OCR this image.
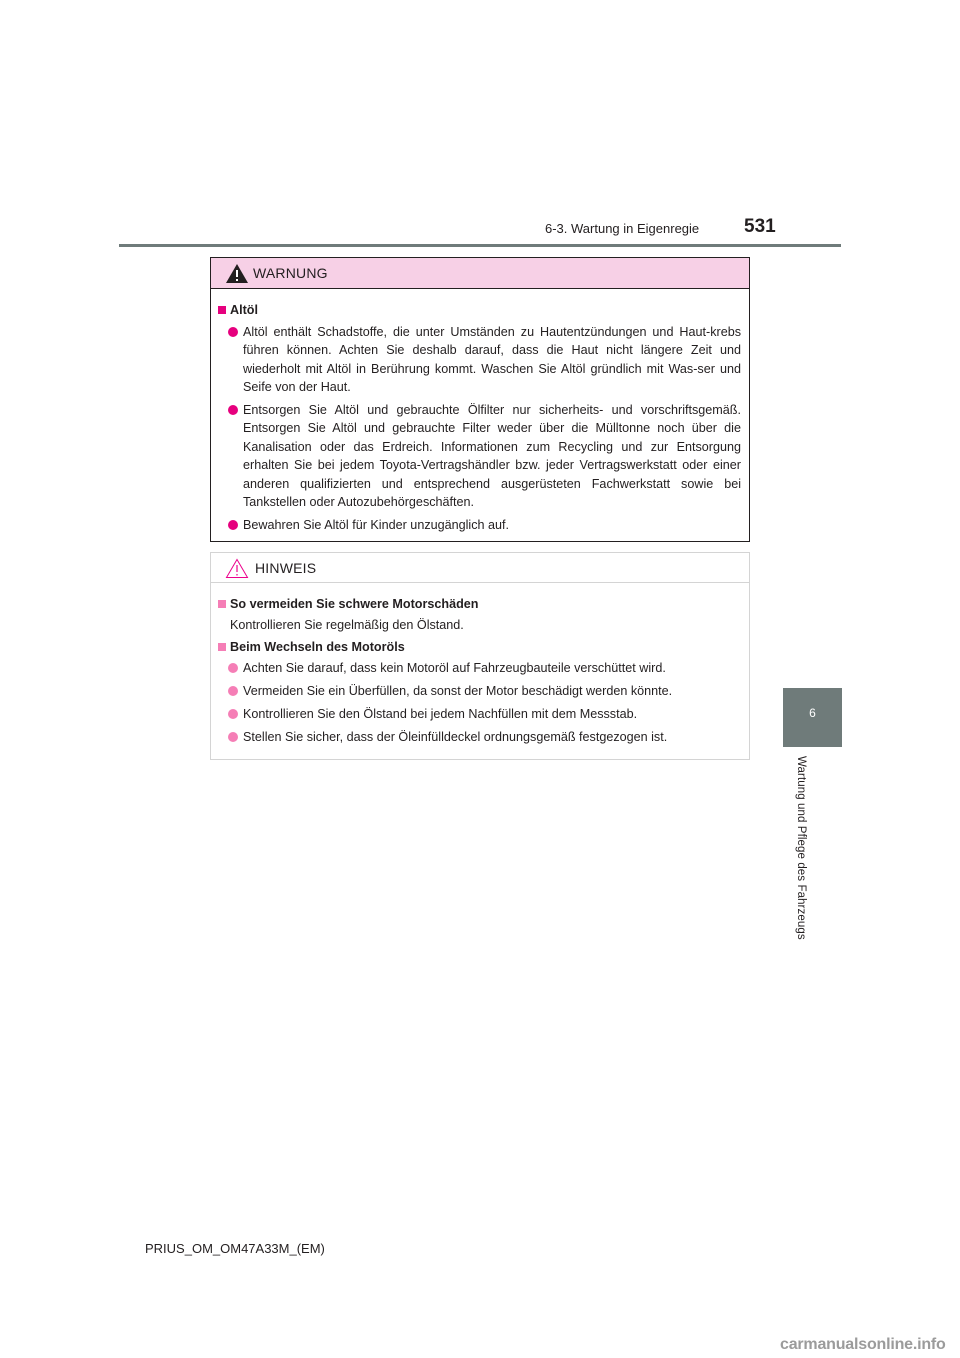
6-3. Wartung in Eigenregie 531
6
Wartung und Pflege des Fahrzeugs
WARNUNG
Altöl
Altöl enthält Schadstoffe, die unter Umständen zu Hautentzündungen und Haut-krebs führen können. Achten Sie deshalb darauf, dass die Haut nicht längere Zeit und wiederholt mit Altöl in Berührung kommt. Waschen Sie Altöl gründlich mit Was-ser und Seife von der Haut.
Entsorgen Sie Altöl und gebrauchte Ölfilter nur sicherheits- und vorschriftsgemäß. Entsorgen Sie Altöl und gebrauchte Filter weder über die Mülltonne noch über die Kanalisation oder das Erdreich. Informationen zum Recycling und zur Entsorgung erhalten Sie bei jedem Toyota-Vertragshändler bzw. jeder Vertragswerkstatt oder einer anderen qualifizierten und entsprechend ausgerüsteten Fachwerkstatt sowie bei Tankstellen oder Autozubehörgeschäften.
Bewahren Sie Altöl für Kinder unzugänglich auf.
HINWEIS
So vermeiden Sie schwere Motorschäden
Kontrollieren Sie regelmäßig den Ölstand.
Beim Wechseln des Motoröls
Achten Sie darauf, dass kein Motoröl auf Fahrzeugbauteile verschüttet wird.
Vermeiden Sie ein Überfüllen, da sonst der Motor beschädigt werden könnte.
Kontrollieren Sie den Ölstand bei jedem Nachfüllen mit dem Messstab.
Stellen Sie sicher, dass der Öleinfülldeckel ordnungsgemäß festgezogen ist.
PRIUS_OM_OM47A33M_(EM)
carmanualsonline.info
